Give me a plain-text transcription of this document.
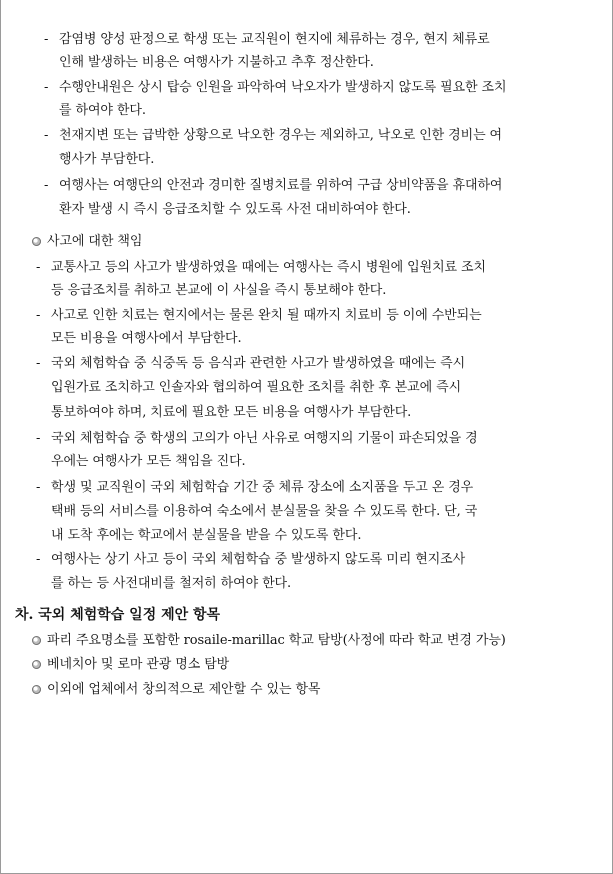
- 감염병 양성 판정으로 학생 또는 교직원이 현지에 체류하는 경우, 현지 체류로
인해 발생하는 비용은 여행사가 지불하고 추후 정산한다.
- 수행안내원은 상시 탑승 인원을 파악하여 낙오자가 발생하지 않도록 필요한 조치
를 하여야 한다.
- 천재지변 또는 급박한 상황으로 낙오한 경우는 제외하고, 낙오로 인한 경비는 여
행사가 부담한다.
- 여행사는 여행단의 안전과 경미한 질병치료를 위하여 구급 상비약품을 휴대하여
환자 발생 시 즉시 응급조치할 수 있도록 사전 대비하여야 한다.
사고에 대한 책임
- 교통사고 등의 사고가 발생하였을 때에는 여행사는 즉시 병원에 입원치료 조치
등 응급조치를 취하고 본교에 이 사실을 즉시 통보해야 한다.
- 사고로 인한 치료는 현지에서는 물론 완치 될 때까지 치료비 등 이에 수반되는
모든 비용을 여행사에서 부담한다.
- 국외 체험학습 중 식중독 등 음식과 관련한 사고가 발생하였을 때에는 즉시
입원가료 조치하고 인솔자와 협의하여 필요한 조치를 취한 후 본교에 즉시
통보하여야 하며, 치료에 필요한 모든 비용을 여행사가 부담한다.
- 국외 체험학습 중 학생의 고의가 아닌 사유로 여행지의 기물이 파손되었을 경
우에는 여행사가 모든 책임을 진다.
- 학생 및 교직원이 국외 체험학습 기간 중 체류 장소에 소지품을 두고 온 경우
택배 등의 서비스를 이용하여 숙소에서 분실물을 찾을 수 있도록 한다. 단, 국
내 도착 후에는 학교에서 분실물을 받을 수 있도록 한다.
- 여행사는 상기 사고 등이 국외 체험학습 중 발생하지 않도록 미리 현지조사
를 하는 등 사전대비를 철저히 하여야 한다.
차. 국외 체험학습 일정 제안 항목
파리 주요명소를 포함한 rosaile-marillac 학교 탐방(사정에 따라 학교 변경 가능)
베네치아 및 로마 관광 명소 탐방
이외에 업체에서 창의적으로 제안할 수 있는 항목
